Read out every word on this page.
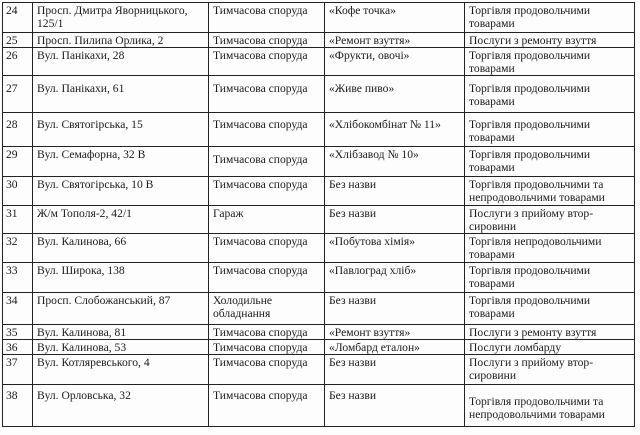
24	Просп. Дмитра Яворницького, 125/1	Тимчасова споруда	«Кофе точка»	Торгівля продовольчими товарами
25	Просп. Пилипа Орлика, 2	Тимчасова споруда	«Ремонт взуття»	Послуги з ремонту взуття
26	Вул. Панікахи, 28	Тимчасова споруда	«Фрукти, овочі»	Торгівля продовольчими товарами
27	Вул. Панікахи, 61	Тимчасова споруда	«Живе пиво»	Торгівля продовольчими товарами
28	Вул. Святогірська, 15	Тимчасова споруда	«Хлібокомбінат № 11»	Торгівля продовольчими товарами
29	Вул. Семафорна, 32 В	Тимчасова споруда	«Хлібзавод № 10»	Торгівля продовольчими товарами
30	Вул. Святогірська, 10 В	Тимчасова споруда	Без назви	Торгівля продовольчими та непродовольчими товарами
31	Ж/м Тополя-2, 42/1	Гараж	Без назви	Послуги з прийому втор-сировини
32	Вул. Калинова, 66	Тимчасова споруда	«Побутова хімія»	Торгівля непродовольчими товарами
33	Вул. Широка, 138	Тимчасова споруда	«Павлоград хліб»	Торгівля продовольчими товарами
34	Просп. Слобожанський, 87	Холодильне обладнання	Без назви	Торгівля продовольчими товарами
35	Вул. Калинова, 81	Тимчасова споруда	«Ремонт взуття»	Послуги з ремонту взуття
36	Вул. Калинова, 53	Тимчасова споруда	«Ломбард еталон»	Послуги ломбарду
37	Вул. Котляревського, 4	Тимчасова споруда	Без назви	Послуги з прийому втор-сировини
38	Вул. Орловська, 32	Тимчасова споруда	Без назви	Торгівля продовольчими та непродовольчими товарами
